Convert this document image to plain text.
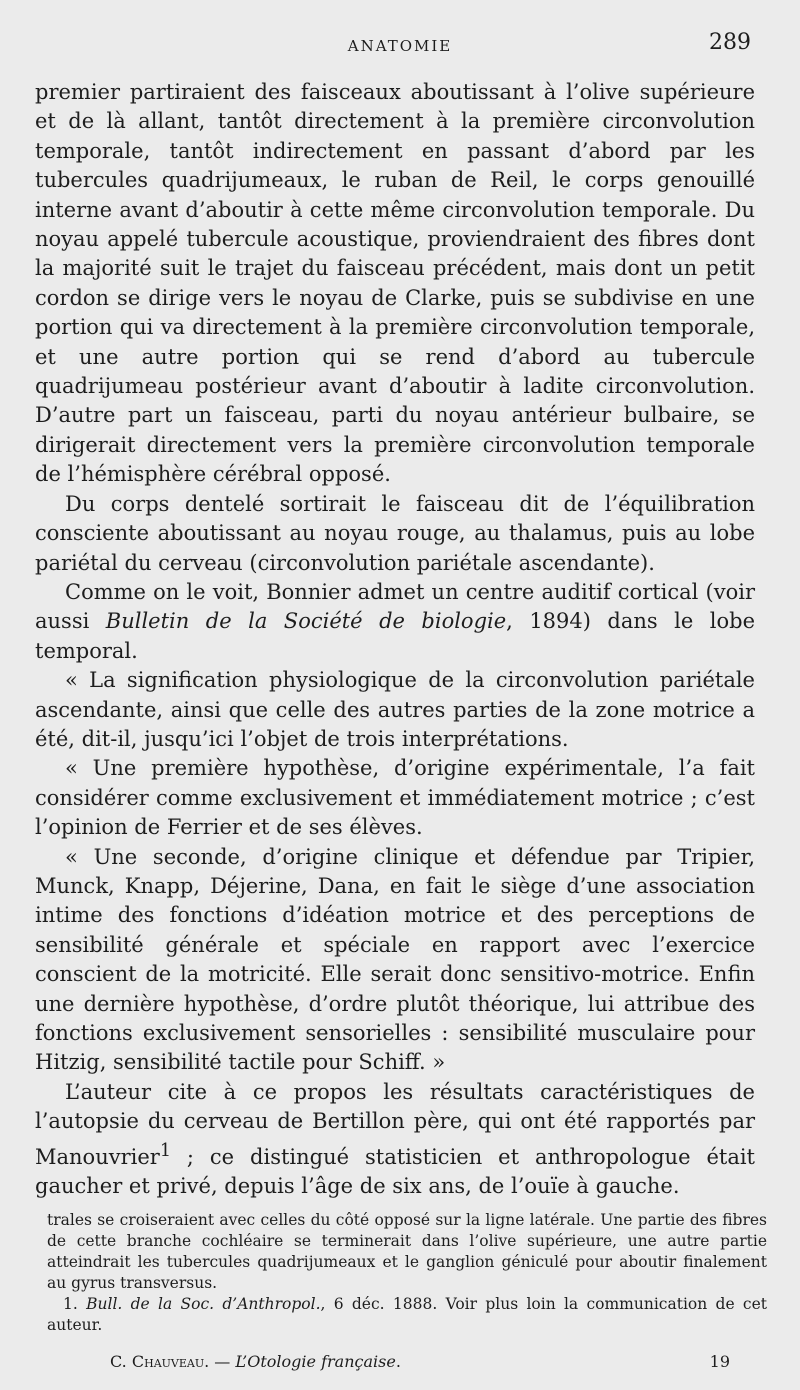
ANATOMIE	289

premier partiraient des faisceaux aboutissant à l’olive supérieure et de là allant, tantôt directement à la première circonvolution temporale, tantôt indirectement en passant d’abord par les tubercules quadrijumeaux, le ruban de Reil, le corps genouillé interne avant d’aboutir à cette même circonvolution temporale. Du noyau appelé tubercule acoustique, proviendraient des fibres dont la majorité suit le trajet du faisceau précédent, mais dont un petit cordon se dirige vers le noyau de Clarke, puis se subdivise en une portion qui va directement à la première circonvolution temporale, et une autre portion qui se rend d’abord au tubercule quadrijumeau postérieur avant d’aboutir à ladite circonvolution. D’autre part un faisceau, parti du noyau antérieur bulbaire, se dirigerait directement vers la première circonvolution temporale de l’hémisphère cérébral opposé.

Du corps dentelé sortirait le faisceau dit de l’équilibration consciente aboutissant au noyau rouge, au thalamus, puis au lobe pariétal du cerveau (circonvolution pariétale ascendante).

Comme on le voit, Bonnier admet un centre auditif cortical (voir aussi Bulletin de la Société de biologie, 1894) dans le lobe temporal.

« La signification physiologique de la circonvolution pariétale ascendante, ainsi que celle des autres parties de la zone motrice a été, dit-il, jusqu’ici l’objet de trois interprétations.

« Une première hypothèse, d’origine expérimentale, l’a fait considérer comme exclusivement et immédiatement motrice ; c’est l’opinion de Ferrier et de ses élèves.

« Une seconde, d’origine clinique et défendue par Tripier, Munck, Knapp, Déjerine, Dana, en fait le siège d’une association intime des fonctions d’idéation motrice et des perceptions de sensibilité générale et spéciale en rapport avec l’exercice conscient de la motricité. Elle serait donc sensitivo-motrice. Enfin une dernière hypothèse, d’ordre plutôt théorique, lui attribue des fonctions exclusivement sensorielles : sensibilité musculaire pour Hitzig, sensibilité tactile pour Schiff. »

L’auteur cite à ce propos les résultats caractéristiques de l’autopsie du cerveau de Bertillon père, qui ont été rapportés par Manouvrier$^1$ ; ce distingué statisticien et anthropologue était gaucher et privé, depuis l’âge de six ans, de l’ouïe à gauche.

trales se croiseraient avec celles du côté opposé sur la ligne latérale. Une partie des fibres de cette branche cochléaire se terminerait dans l’olive supérieure, une autre partie atteindrait les tubercules quadrijumeaux et le ganglion géniculé pour aboutir finalement au gyrus transversus.

1. Bull. de la Soc. d’Anthropol., 6 déc. 1888. Voir plus loin la communication de cet auteur.

C. Chauveau. — L’Otologie française.	19
